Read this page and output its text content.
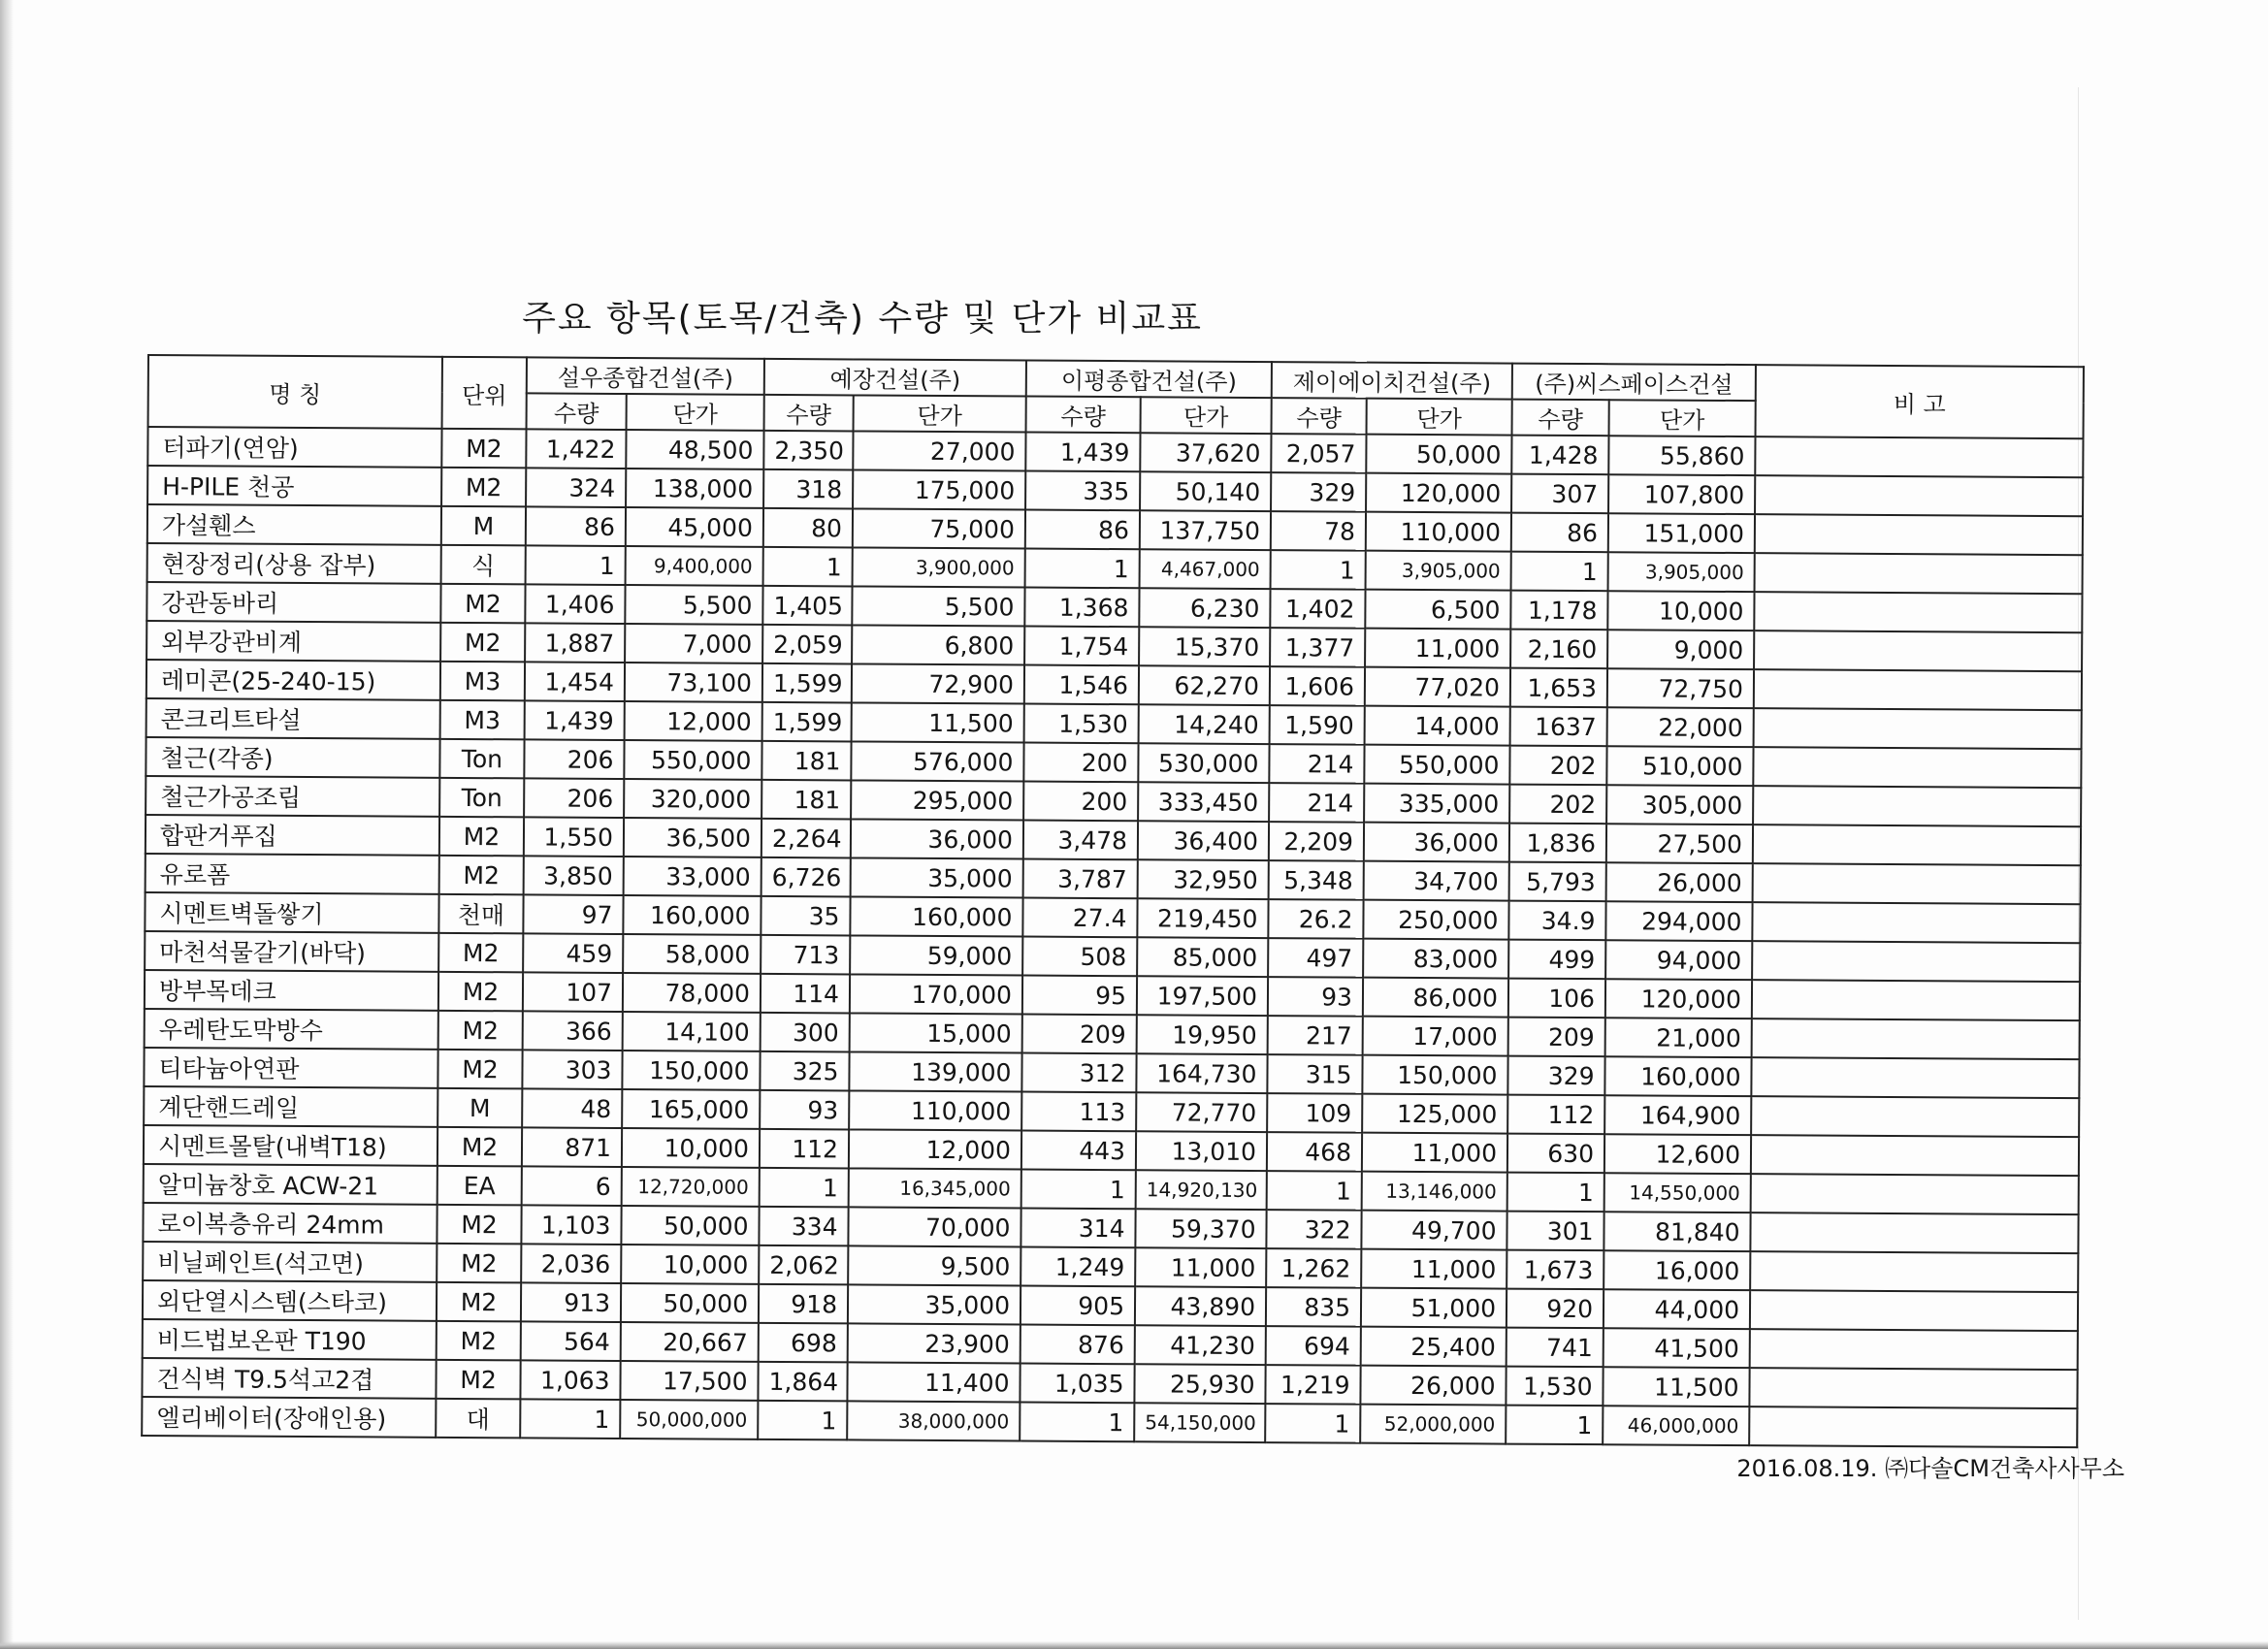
주요 항목(토목/건축) 수량 및 단가 비교표
명 칭	단위	설우종합건설(주)		예장건설(주)		이평종합건설(주)		제이에이치건설(주)		(주)씨스페이스건설		비 고
		수량	단가	수량	단가	수량	단가	수량	단가	수량	단가	
터파기(연암)	M2	1,422	48,500	2,350	27,000	1,439	37,620	2,057	50,000	1,428	55,860	
H-PILE 천공	M2	324	138,000	318	175,000	335	50,140	329	120,000	307	107,800	
가설휀스	M	86	45,000	80	75,000	86	137,750	78	110,000	86	151,000	
현장정리(상용 잡부)	식	1	9,400,000	1	3,900,000	1	4,467,000	1	3,905,000	1	3,905,000	
강관동바리	M2	1,406	5,500	1,405	5,500	1,368	6,230	1,402	6,500	1,178	10,000	
외부강관비계	M2	1,887	7,000	2,059	6,800	1,754	15,370	1,377	11,000	2,160	9,000	
레미콘(25-240-15)	M3	1,454	73,100	1,599	72,900	1,546	62,270	1,606	77,020	1,653	72,750	
콘크리트타설	M3	1,439	12,000	1,599	11,500	1,530	14,240	1,590	14,000	1637	22,000	
철근(각종)	Ton	206	550,000	181	576,000	200	530,000	214	550,000	202	510,000	
철근가공조립	Ton	206	320,000	181	295,000	200	333,450	214	335,000	202	305,000	
합판거푸집	M2	1,550	36,500	2,264	36,000	3,478	36,400	2,209	36,000	1,836	27,500	
유로폼	M2	3,850	33,000	6,726	35,000	3,787	32,950	5,348	34,700	5,793	26,000	
시멘트벽돌쌓기	천매	97	160,000	35	160,000	27.4	219,450	26.2	250,000	34.9	294,000	
마천석물갈기(바닥)	M2	459	58,000	713	59,000	508	85,000	497	83,000	499	94,000	
방부목데크	M2	107	78,000	114	170,000	95	197,500	93	86,000	106	120,000	
우레탄도막방수	M2	366	14,100	300	15,000	209	19,950	217	17,000	209	21,000	
티타늄아연판	M2	303	150,000	325	139,000	312	164,730	315	150,000	329	160,000	
계단핸드레일	M	48	165,000	93	110,000	113	72,770	109	125,000	112	164,900	
시멘트몰탈(내벽T18)	M2	871	10,000	112	12,000	443	13,010	468	11,000	630	12,600	
알미늄창호 ACW-21	EA	6	12,720,000	1	16,345,000	1	14,920,130	1	13,146,000	1	14,550,000	
로이복층유리 24mm	M2	1,103	50,000	334	70,000	314	59,370	322	49,700	301	81,840	
비닐페인트(석고면)	M2	2,036	10,000	2,062	9,500	1,249	11,000	1,262	11,000	1,673	16,000	
외단열시스템(스타코)	M2	913	50,000	918	35,000	905	43,890	835	51,000	920	44,000	
비드법보온판 T190	M2	564	20,667	698	23,900	876	41,230	694	25,400	741	41,500	
건식벽 T9.5석고2겹	M2	1,063	17,500	1,864	11,400	1,035	25,930	1,219	26,000	1,530	11,500	
엘리베이터(장애인용)	대	1	50,000,000	1	38,000,000	1	54,150,000	1	52,000,000	1	46,000,000	
2016.08.19. ㈜다솔CM건축사사무소
